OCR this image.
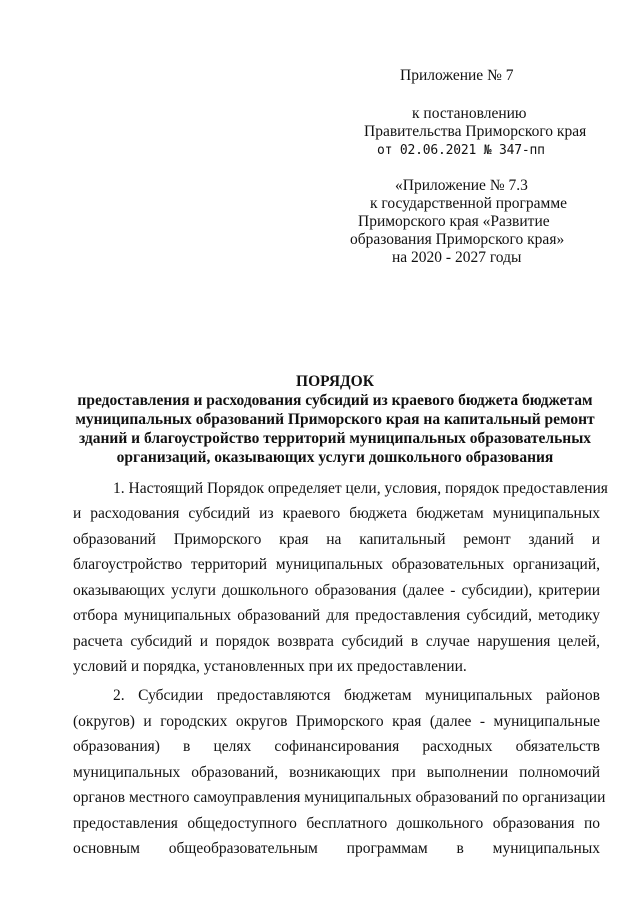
Приложение № 7
к постановлению
Правительства Приморского края
от 02.06.2021 № 347-пп
«Приложение № 7.3
к государственной программе
Приморского края «Развитие
образования Приморского края»
на 2020 - 2027 годы
ПОРЯДОК
предоставления и расходования субсидий из краевого бюджета бюджетам
муниципальных образований Приморского края на капитальный ремонт
зданий и благоустройство территорий муниципальных образовательных
организаций, оказывающих услуги дошкольного образования
1. Настоящий Порядок определяет цели, условия, порядок предоставления
и расходования субсидий из краевого бюджета бюджетам муниципальных
образований Приморского края на капитальный ремонт зданий и
благоустройство территорий муниципальных образовательных организаций,
оказывающих услуги дошкольного образования (далее - субсидии), критерии
отбора муниципальных образований для предоставления субсидий, методику
расчета субсидий и порядок возврата субсидий в случае нарушения целей,
условий и порядка, установленных при их предоставлении.
2. Субсидии предоставляются бюджетам муниципальных районов
(округов) и городских округов Приморского края (далее - муниципальные
образования) в целях софинансирования расходных обязательств
муниципальных образований, возникающих при выполнении полномочий
органов местного самоуправления муниципальных образований по организации
предоставления общедоступного бесплатного дошкольного образования по
основным общеобразовательным программам в муниципальных
